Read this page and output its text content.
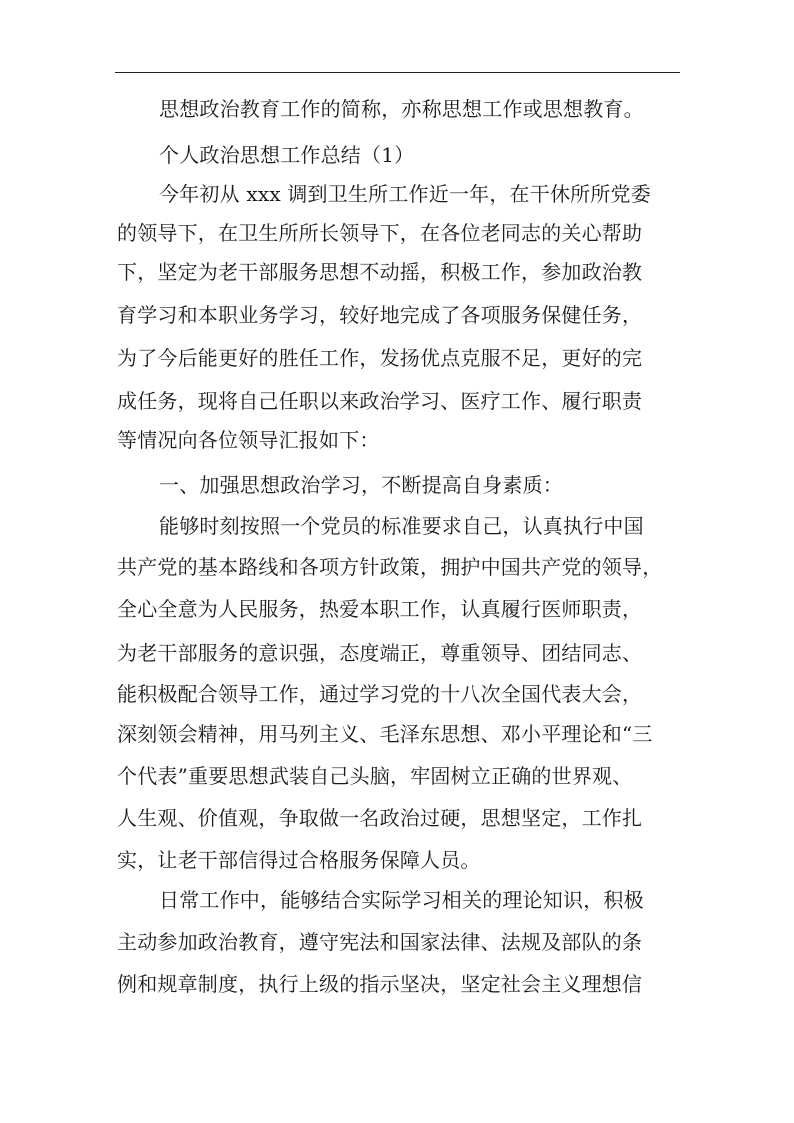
思想政治教育工作的简称，亦称思想工作或思想教育。
个人政治思想工作总结（1）
今年初从 xxx 调到卫生所工作近一年，在干休所所党委
的领导下，在卫生所所长领导下，在各位老同志的关心帮助
下，坚定为老干部服务思想不动摇，积极工作，参加政治教
育学习和本职业务学习，较好地完成了各项服务保健任务，
为了今后能更好的胜任工作，发扬优点克服不足，更好的完
成任务，现将自己任职以来政治学习、医疗工作、履行职责
等情况向各位领导汇报如下：
一、加强思想政治学习，不断提高自身素质：
能够时刻按照一个党员的标准要求自己，认真执行中国
共产党的基本路线和各项方针政策，拥护中国共产党的领导，
全心全意为人民服务，热爱本职工作，认真履行医师职责，
为老干部服务的意识强，态度端正，尊重领导、团结同志、
能积极配合领导工作，通过学习党的十八次全国代表大会，
深刻领会精神，用马列主义、毛泽东思想、邓小平理论和“三
个代表”重要思想武装自己头脑，牢固树立正确的世界观、
人生观、价值观，争取做一名政治过硬，思想坚定，工作扎
实，让老干部信得过合格服务保障人员。
日常工作中，能够结合实际学习相关的理论知识，积极
主动参加政治教育，遵守宪法和国家法律、法规及部队的条
例和规章制度，执行上级的指示坚决，坚定社会主义理想信
